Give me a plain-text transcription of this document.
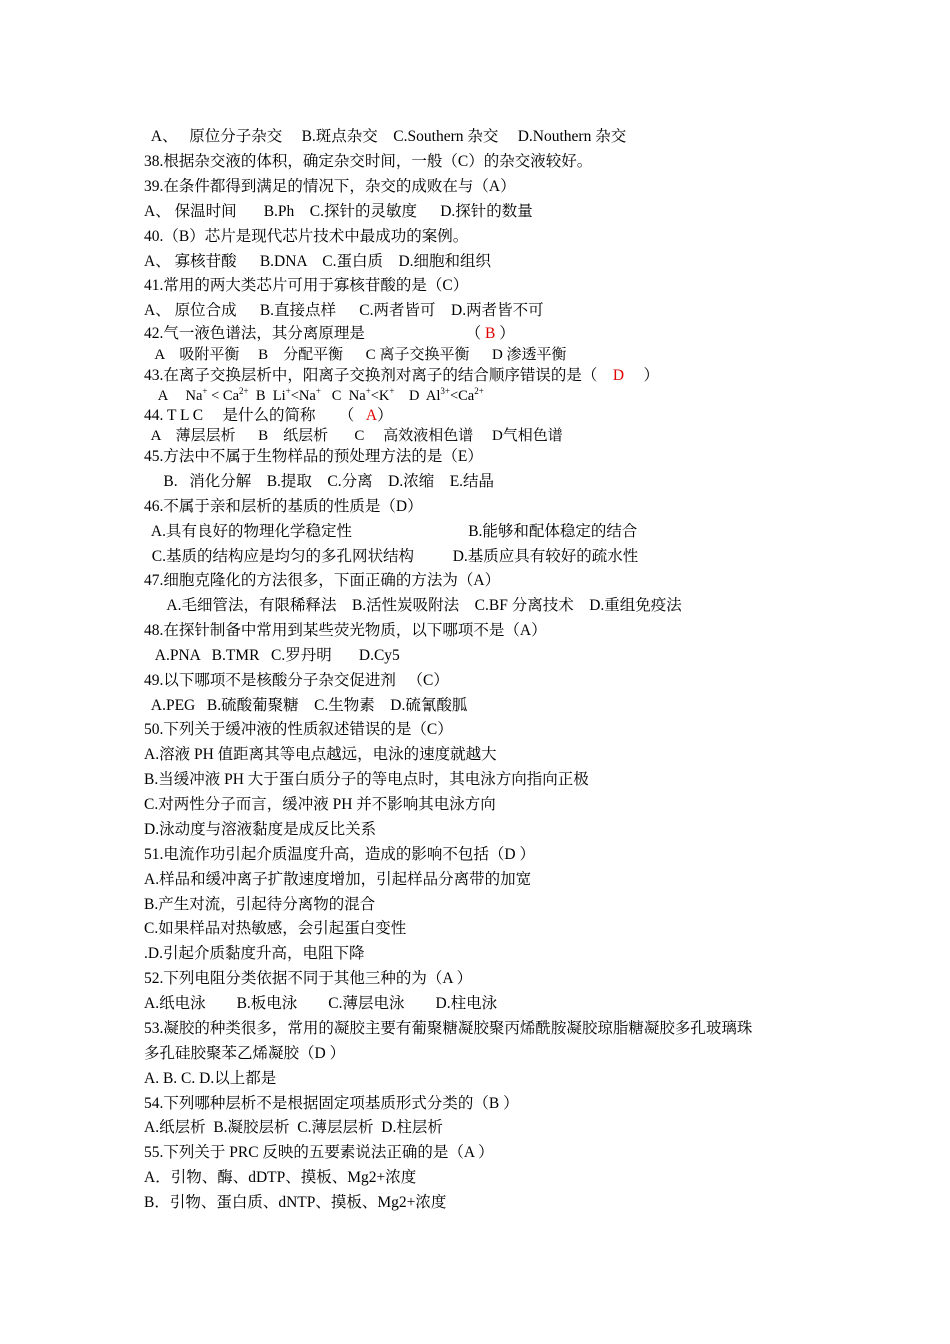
A、   原位分子杂交     B.斑点杂交    C.Southern 杂交     D.Nouthern 杂交
38.根据杂交液的体积，确定杂交时间，一般（C）的杂交液较好。
39.在条件都得到满足的情况下，杂交的成败在与（A）
A、 保温时间       B.Ph    C.探针的灵敏度      D.探针的数量
40.（B）芯片是现代芯片技术中最成功的案例。
A、 寡核苷酸      B.DNA    C.蛋白质    D.细胞和组织
41.常用的两大类芯片可用于寡核苷酸的是（C）
A、 原位合成      B.直接点样      C.两者皆可    D.两者皆不可
42.气一液色谱法，其分离原理是                          （ B ）
A    吸附平衡     B    分配平衡      C 离子交换平衡      D 渗透平衡
43.在离子交换层析中，阳离子交换剂对离子的结合顺序错误的是（    D     ）
A     $Na^+ < Ca^{2+}$  B  Li+<Na+   C  Na+<K+    D  $Al^{3+}<Ca^{2+}$
44. T L C     是什么的简称      （   A）
A    薄层层析      B    纸层析       C     高效液相色谱     D气相色谱
45.方法中不属于生物样品的预处理方法的是（E）
B.   消化分解    B.提取    C.分离    D.浓缩    E.结晶
46.不属于亲和层析的基质的性质是（D）
A.具有良好的物理化学稳定性                              B.能够和配体稳定的结合
C.基质的结构应是均匀的多孔网状结构          D.基质应具有较好的疏水性
47.细胞克隆化的方法很多，下面正确的方法为（A）
A.毛细管法，有限稀释法    B.活性炭吸附法    C.BF 分离技术    D.重组免疫法
48.在探针制备中常用到某些荧光物质，以下哪项不是（A）
A.PNA   B.TMR   C.罗丹明       D.Cy5
49.以下哪项不是核酸分子杂交促进剂   （C）
A.PEG   B.硫酸葡聚糖    C.生物素    D.硫氰酸胍
50.下列关于缓冲液的性质叙述错误的是（C）
A.溶液 PH 值距离其等电点越远，电泳的速度就越大
B.当缓冲液 PH 大于蛋白质分子的等电点时，其电泳方向指向正极
C.对两性分子而言，缓冲液 PH 并不影响其电泳方向
D.泳动度与溶液黏度是成反比关系
51.电流作功引起介质温度升高，造成的影响不包括（D ）
A.样品和缓冲离子扩散速度增加，引起样品分离带的加宽
B.产生对流，引起待分离物的混合
C.如果样品对热敏感，会引起蛋白变性
.D.引起介质黏度升高，电阻下降
52.下列电阻分类依据不同于其他三种的为（A ）
A.纸电泳        B.板电泳        C.薄层电泳        D.柱电泳
53.凝胶的种类很多，常用的凝胶主要有葡聚糖凝胶聚丙烯酰胺凝胶琼脂糖凝胶多孔玻璃珠
多孔硅胶聚苯乙烯凝胶（D ）
A. B. C. D.以上都是
54.下列哪种层析不是根据固定项基质形式分类的（B ）
A.纸层析  B.凝胶层析  C.薄层层析  D.柱层析
55.下列关于 PRC 反映的五要素说法正确的是（A ）
A．引物、酶、dDTP、摸板、Mg2+浓度
B．引物、蛋白质、dNTP、摸板、Mg2+浓度
